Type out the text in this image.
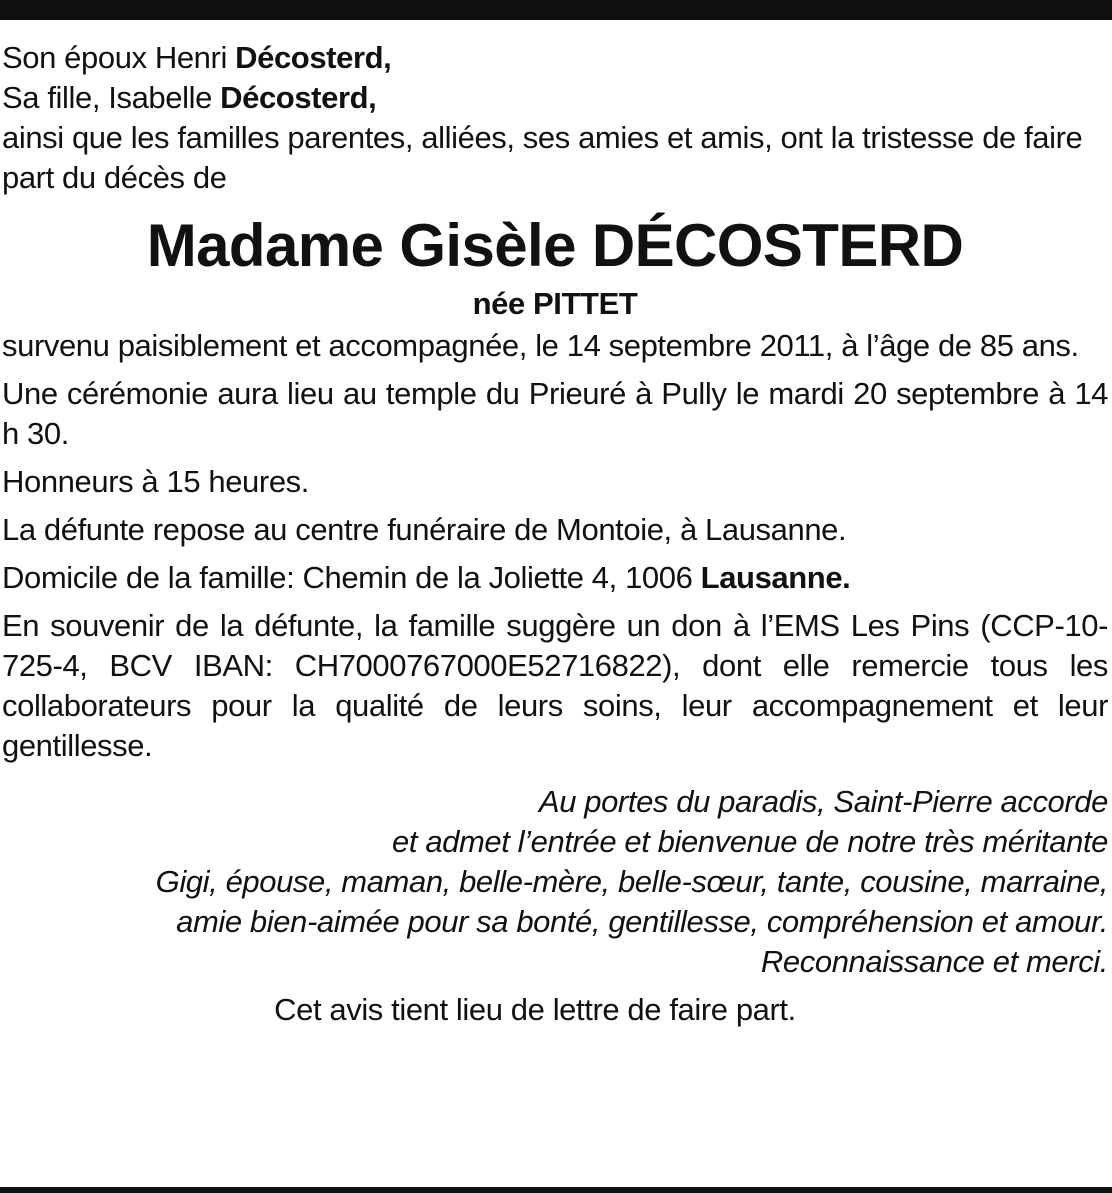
Son époux Henri Décosterd,
Sa fille, Isabelle Décosterd,
ainsi que les familles parentes, alliées, ses amies et amis, ont la tristesse de faire part du décès de
Madame Gisèle DÉCOSTERD
née PITTET

survenu paisiblement et accompagnée, le 14 septembre 2011, à l’âge de 85 ans.

Une cérémonie aura lieu au temple du Prieuré à Pully le mardi 20 septembre à 14 h 30.

Honneurs à 15 heures.

La défunte repose au centre funéraire de Montoie, à Lausanne.

Domicile de la famille: Chemin de la Joliette 4, 1006 Lausanne.

En souvenir de la défunte, la famille suggère un don à l’EMS Les Pins (CCP-10-725-4, BCV IBAN: CH7000767000E52716822), dont elle remercie tous les collaborateurs pour la qualité de leurs soins, leur accompagnement et leur gentillesse.

Au portes du paradis, Saint-Pierre accorde
et admet l’entrée et bienvenue de notre très méritante
Gigi, épouse, maman, belle-mère, belle-sœur, tante, cousine, marraine,
amie bien-aimée pour sa bonté, gentillesse, compréhension et amour.
Reconnaissance et merci.
Cet avis tient lieu de lettre de faire part.
